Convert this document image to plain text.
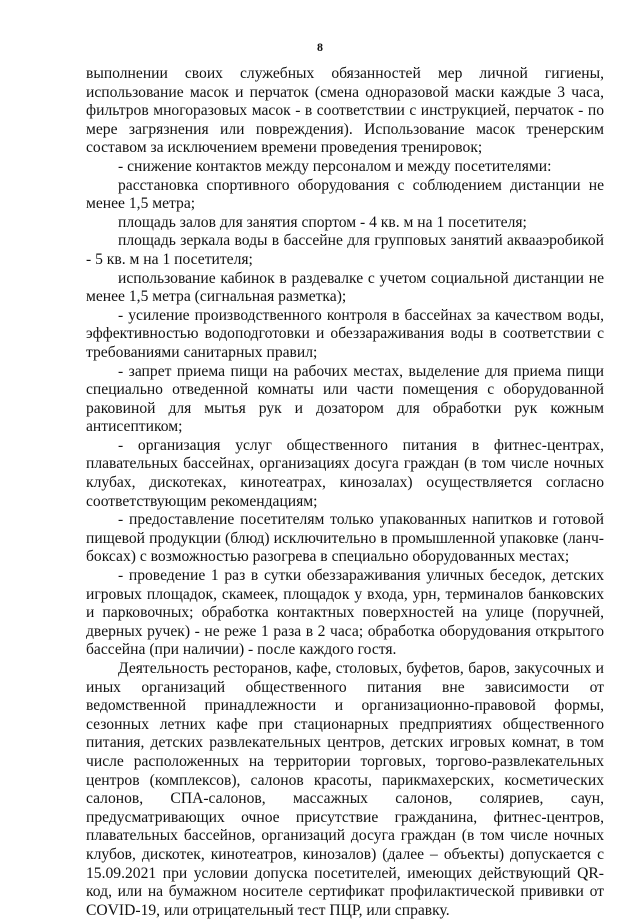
8

выполнении своих служебных обязанностей мер личной гигиены, использование масок и перчаток (смена одноразовой маски каждые 3 часа, фильтров многоразовых масок - в соответствии с инструкцией, перчаток - по мере загрязнения или повреждения). Использование масок тренерским составом за исключением времени проведения тренировок;

- снижение контактов между персоналом и между посетителями:

расстановка спортивного оборудования с соблюдением дистанции не менее 1,5 метра;

площадь залов для занятия спортом - 4 кв. м на 1 посетителя;

площадь зеркала воды в бассейне для групповых занятий аквааэробикой - 5 кв. м на 1 посетителя;

использование кабинок в раздевалке с учетом социальной дистанции не менее 1,5 метра (сигнальная разметка);

- усиление производственного контроля в бассейнах за качеством воды, эффективностью водоподготовки и обеззараживания воды в соответствии с требованиями санитарных правил;

- запрет приема пищи на рабочих местах, выделение для приема пищи специально отведенной комнаты или части помещения с оборудованной раковиной для мытья рук и дозатором для обработки рук кожным антисептиком;

- организация услуг общественного питания в фитнес-центрах, плавательных бассейнах, организациях досуга граждан (в том числе ночных клубах, дискотеках, кинотеатрах, кинозалах) осуществляется согласно соответствующим рекомендациям;

- предоставление посетителям только упакованных напитков и готовой пищевой продукции (блюд) исключительно в промышленной упаковке (ланч-боксах) с возможностью разогрева в специально оборудованных местах;

- проведение 1 раз в сутки обеззараживания уличных беседок, детских игровых площадок, скамеек, площадок у входа, урн, терминалов банковских и парковочных; обработка контактных поверхностей на улице (поручней, дверных ручек) - не реже 1 раза в 2 часа; обработка оборудования открытого бассейна (при наличии) - после каждого гостя.

Деятельность ресторанов, кафе, столовых, буфетов, баров, закусочных и иных организаций общественного питания вне зависимости от ведомственной принадлежности и организационно-правовой формы, сезонных летних кафе при стационарных предприятиях общественного питания, детских развлекательных центров, детских игровых комнат, в том числе расположенных на территории торговых, торгово-развлекательных центров (комплексов), салонов красоты, парикмахерских, косметических салонов, СПА-салонов, массажных салонов, соляриев, саун, предусматривающих очное присутствие гражданина, фитнес-центров, плавательных бассейнов, организаций досуга граждан (в том числе ночных клубов, дискотек, кинотеатров, кинозалов) (далее – объекты) допускается с 15.09.2021 при условии допуска посетителей, имеющих действующий QR-код, или на бумажном носителе сертификат профилактической прививки от COVID-19, или отрицательный тест ПЦР, или справку.
